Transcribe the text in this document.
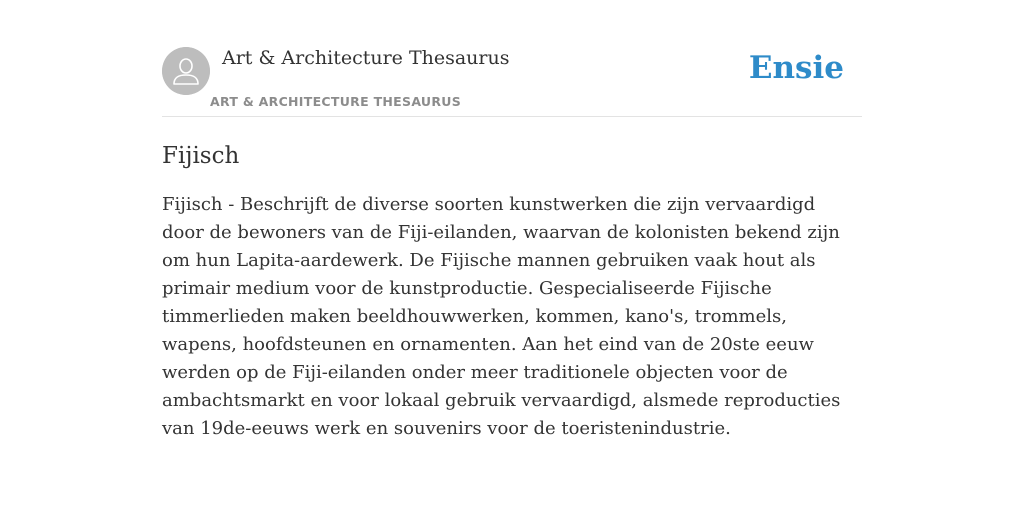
Art & Architecture Thesaurus
ART & ARCHITECTURE THESAURUS
Ensie
Fijisch

Fijisch - Beschrijft de diverse soorten kunstwerken die zijn vervaardigd door de bewoners van de Fiji-eilanden, waarvan de kolonisten bekend zijn om hun Lapita-aardewerk. De Fijische mannen gebruiken vaak hout als primair medium voor de kunstproductie. Gespecialiseerde Fijische timmerlieden maken beeldhouwwerken, kommen, kano's, trommels, wapens, hoofdsteunen en ornamenten. Aan het eind van de 20ste eeuw werden op de Fiji-eilanden onder meer traditionele objecten voor de ambachtsmarkt en voor lokaal gebruik vervaardigd, alsmede reproducties van 19de-eeuws werk en souvenirs voor de toeristenindustrie.
